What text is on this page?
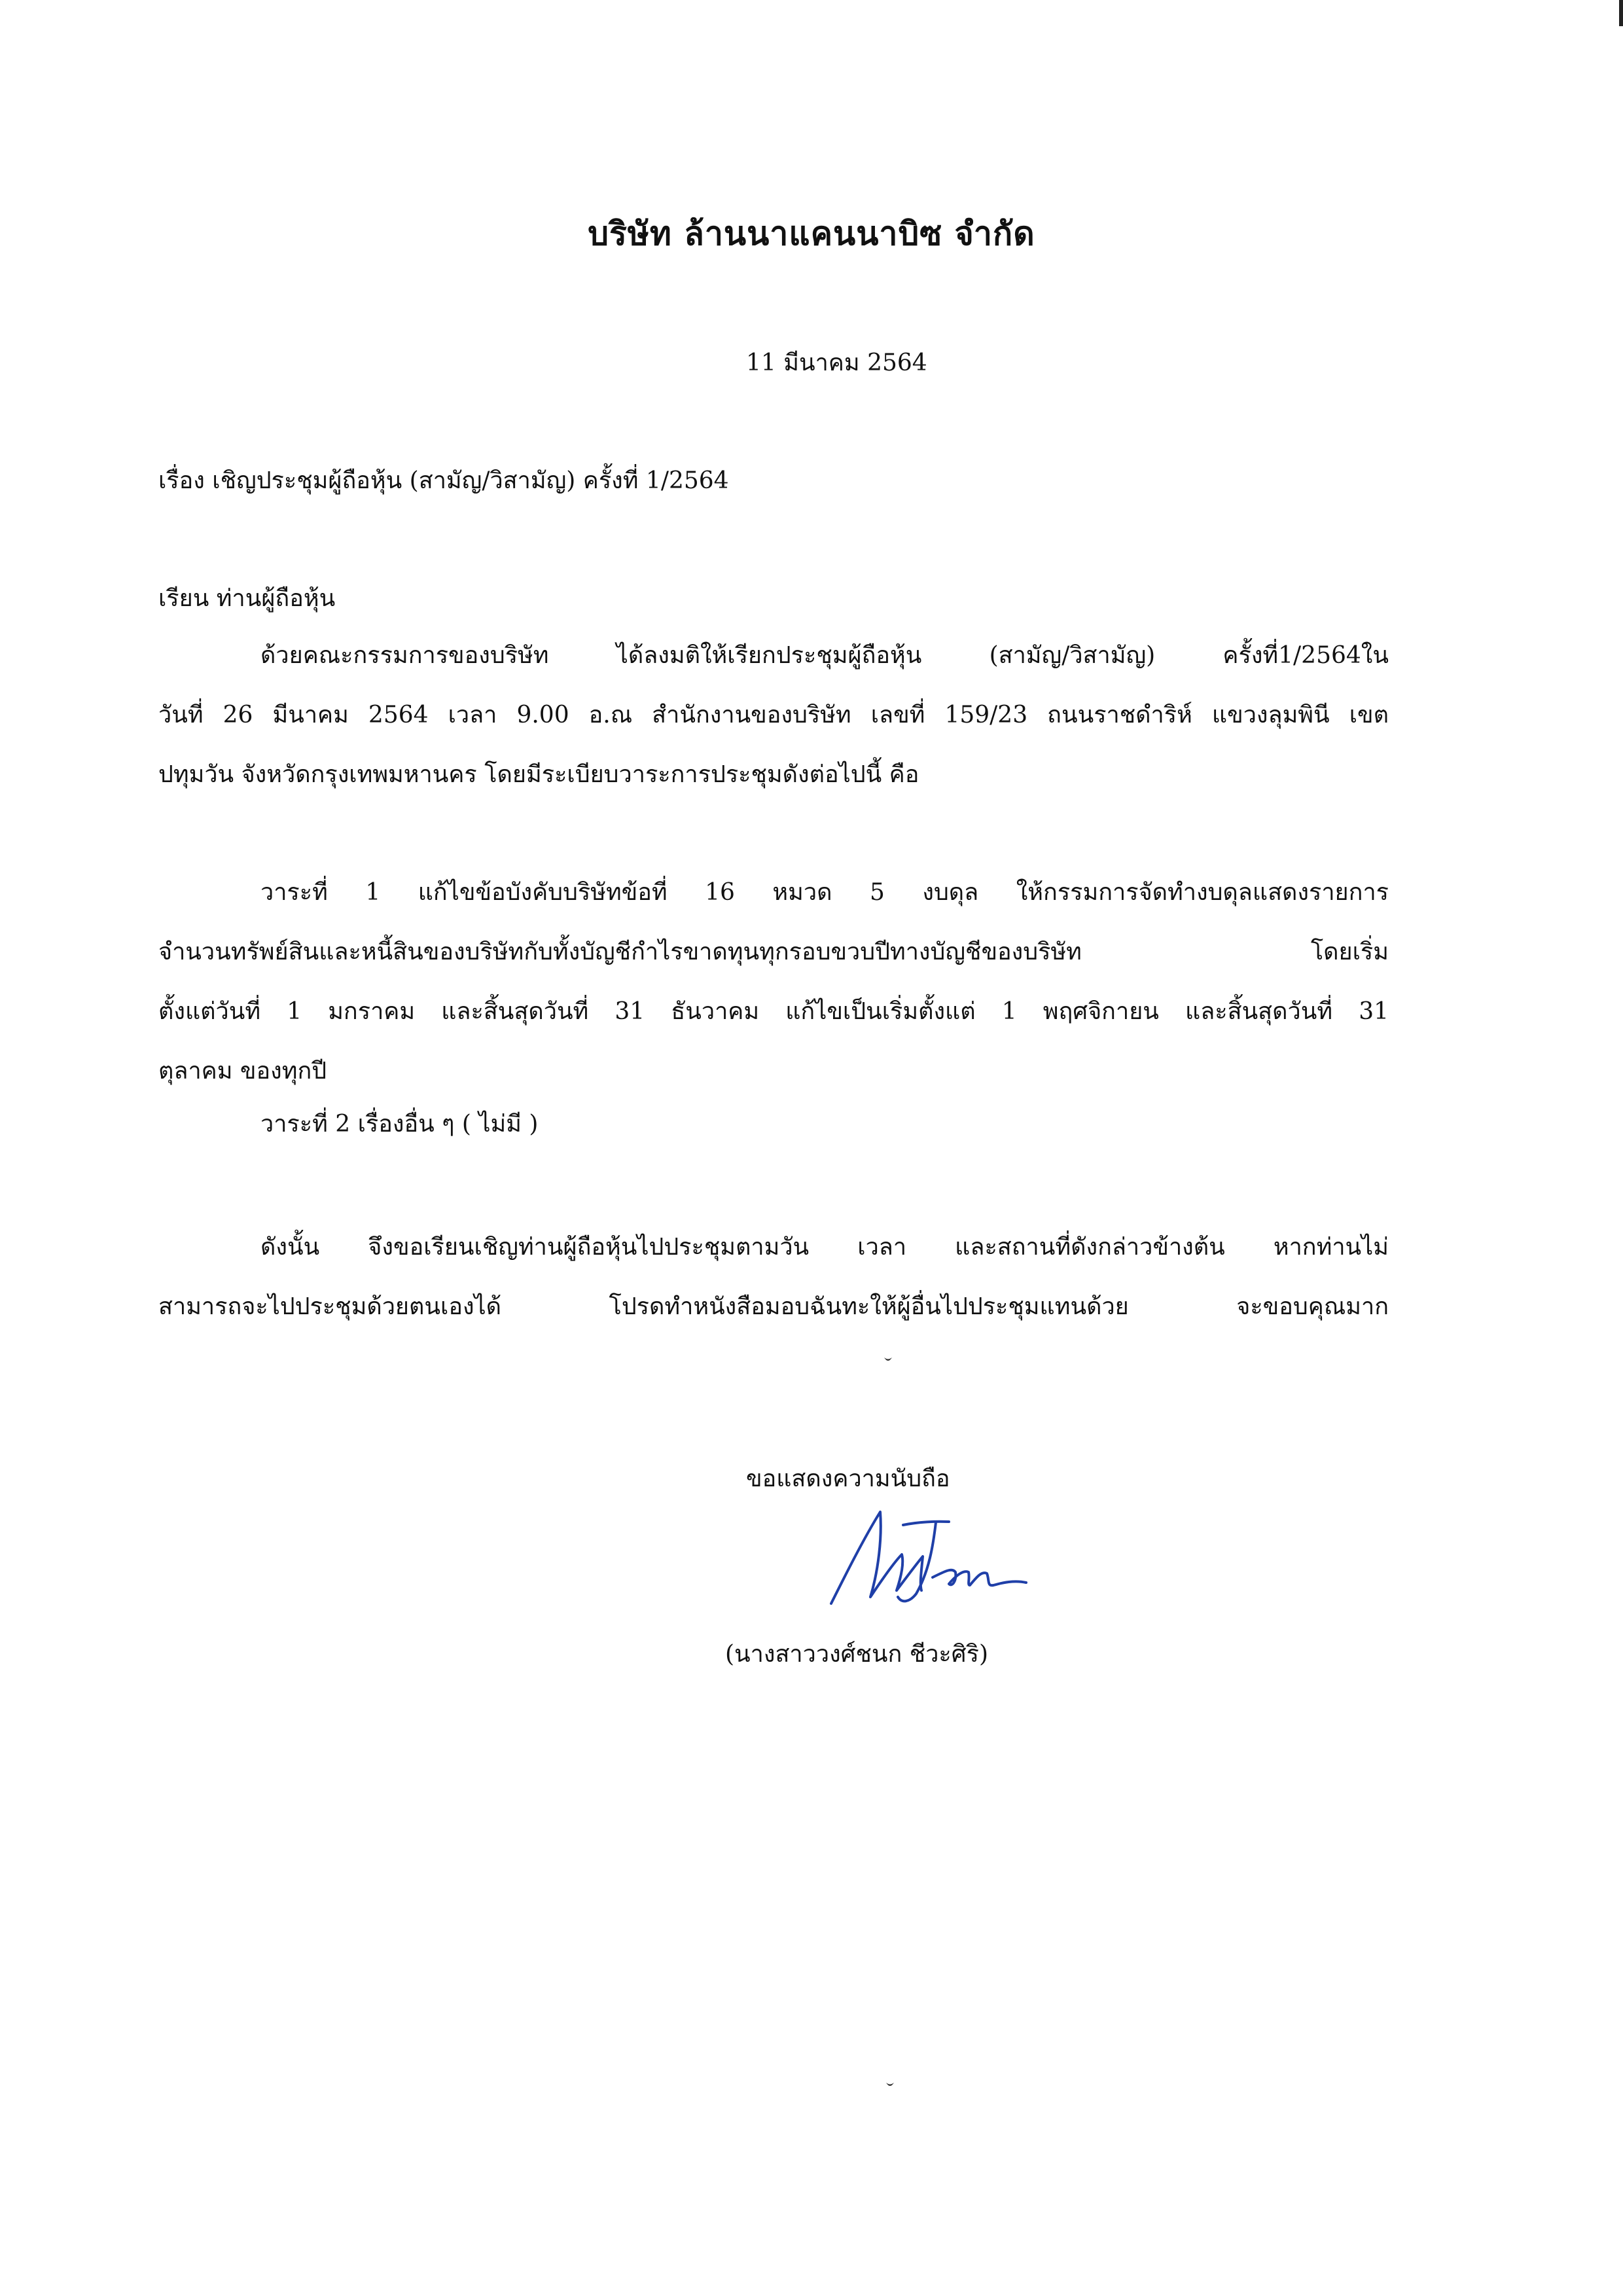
บริษัท ล้านนาแคนนาบิซ จำกัด
11 มีนาคม 2564
เรื่อง เชิญประชุมผู้ถือหุ้น (สามัญ/วิสามัญ) ครั้งที่ 1/2564
เรียน ท่านผู้ถือหุ้น
ด้วยคณะกรรมการของบริษัท ได้ลงมติให้เรียกประชุมผู้ถือหุ้น (สามัญ/วิสามัญ) ครั้งที่1/2564ใน
วันที่ 26 มีนาคม 2564 เวลา 9.00 อ.ณ สำนักงานของบริษัท เลขที่ 159/23 ถนนราชดำริห์ แขวงลุมพินี เขต
ปทุมวัน จังหวัดกรุงเทพมหานคร โดยมีระเบียบวาระการประชุมดังต่อไปนี้ คือ
วาระที่ 1 แก้ไขข้อบังคับบริษัทข้อที่ 16 หมวด 5 งบดุล ให้กรรมการจัดทำงบดุลแสดงรายการ
จำนวนทรัพย์สินและหนี้สินของบริษัทกับทั้งบัญชีกำไรขาดทุนทุกรอบขวบปีทางบัญชีของบริษัท โดยเริ่ม
ตั้งแต่วันที่ 1 มกราคม และสิ้นสุดวันที่ 31 ธันวาคม แก้ไขเป็นเริ่มตั้งแต่ 1 พฤศจิกายน และสิ้นสุดวันที่ 31
ตุลาคม ของทุกปี
วาระที่ 2 เรื่องอื่น ๆ ( ไม่มี )
ดังนั้น จึงขอเรียนเชิญท่านผู้ถือหุ้นไปประชุมตามวัน เวลา และสถานที่ดังกล่าวข้างต้น หากท่านไม่
สามารถจะไปประชุมด้วยตนเองได้ โปรดทำหนังสือมอบฉันทะให้ผู้อื่นไปประชุมแทนด้วย จะขอบคุณมาก
ขอแสดงความนับถือ
(นางสาววงศ์ชนก ชีวะศิริ)
